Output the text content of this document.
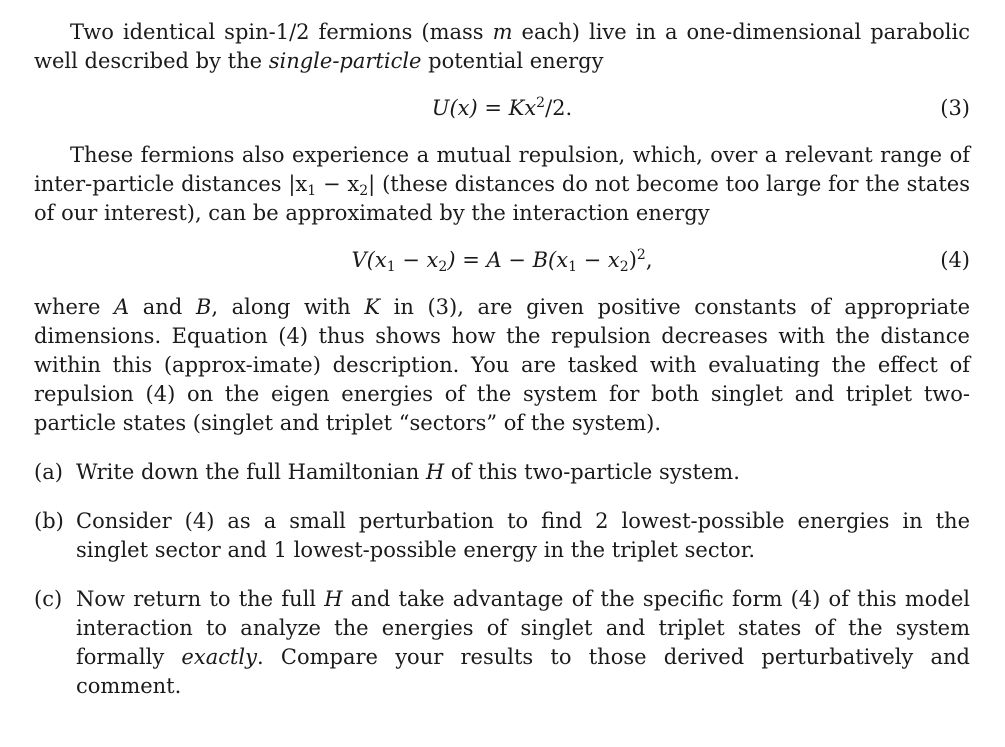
Two identical spin-1/2 fermions (mass m each) live in a one-dimensional parabolic well described by the single-particle potential energy

$U(x) = Kx^2/2$.	(3)

These fermions also experience a mutual repulsion, which, over a relevant range of inter-particle distances $|x_1 - x_2|$ (these distances do not become too large for the states of our interest), can be approximated by the interaction energy

$V(x_1 - x_2) = A - B(x_1 - x_2)^2$,	(4)

where A and B, along with K in (3), are given positive constants of appropriate dimensions. Equation (4) thus shows how the repulsion decreases with the distance within this (approx-imate) description. You are tasked with evaluating the effect of repulsion (4) on the eigen energies of the system for both singlet and triplet two-particle states (singlet and triplet “sectors” of the system).

(a) Write down the full Hamiltonian H of this two-particle system.
(b) Consider (4) as a small perturbation to find 2 lowest-possible energies in the singlet sector and 1 lowest-possible energy in the triplet sector.
(c) Now return to the full H and take advantage of the specific form (4) of this model interaction to analyze the energies of singlet and triplet states of the system formally exactly. Compare your results to those derived perturbatively and comment.
